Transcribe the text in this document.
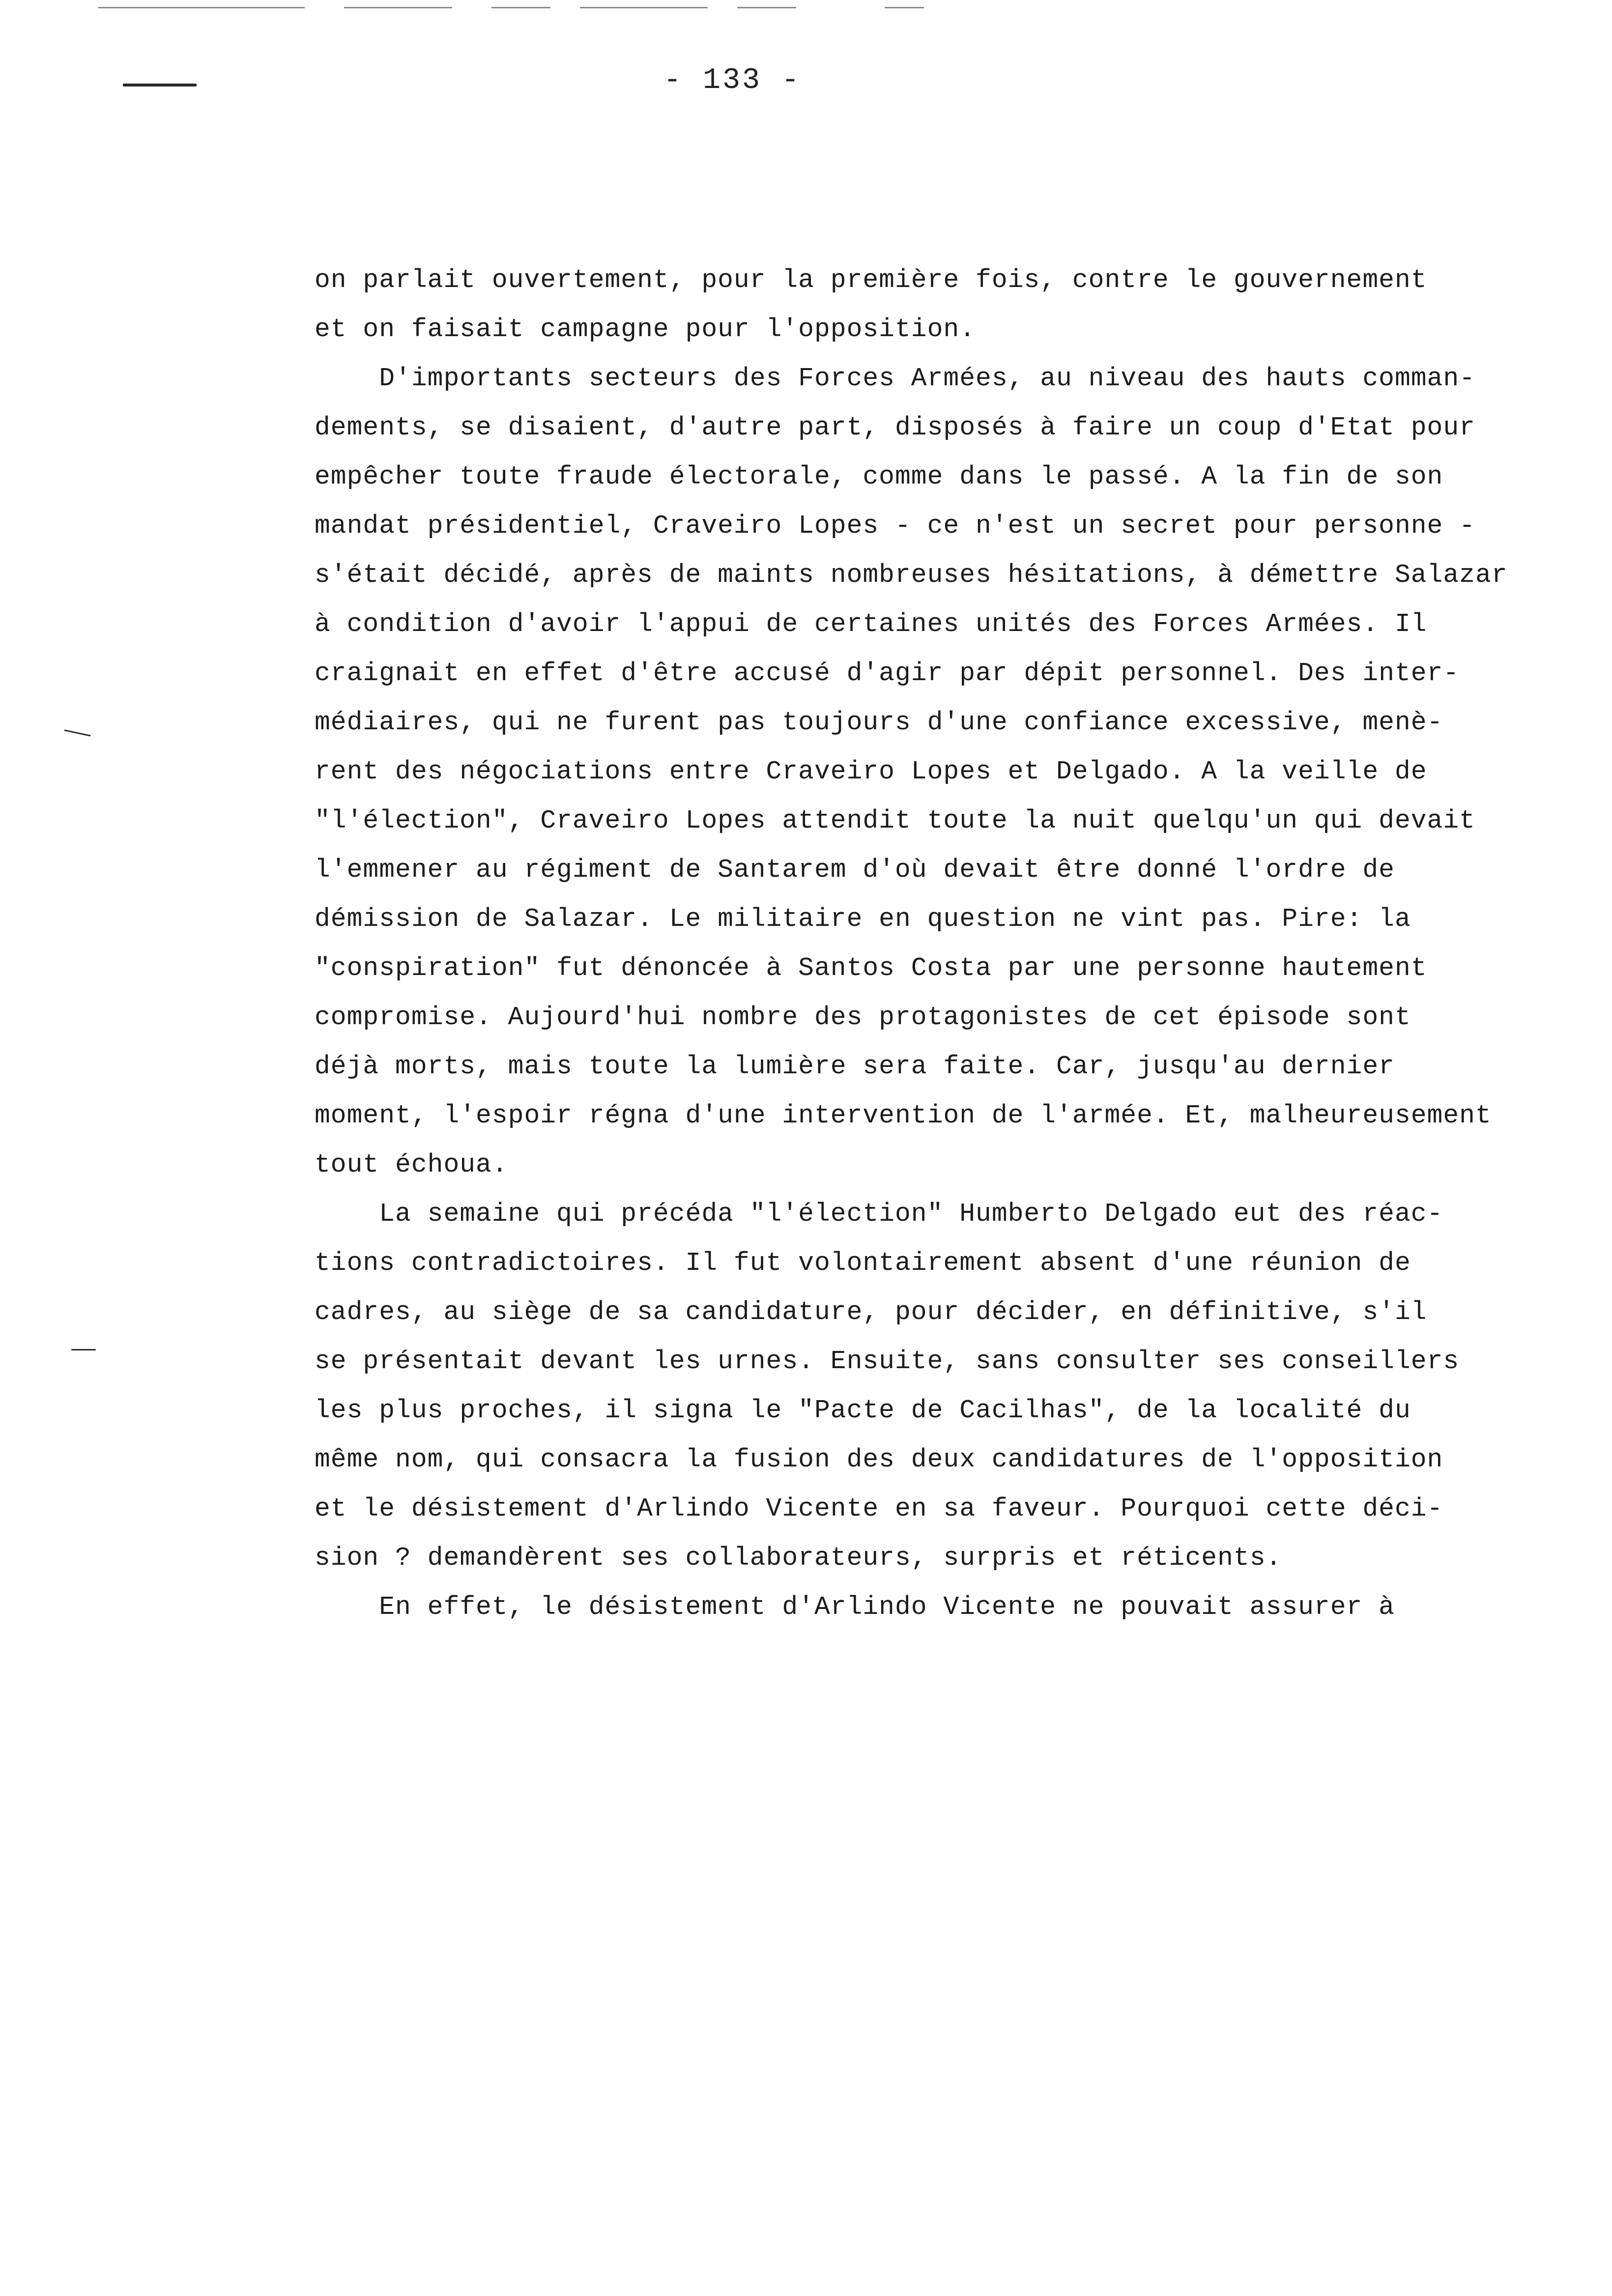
- 133 -
on parlait ouvertement, pour la première fois, contre le gouvernement
et on faisait campagne pour l'opposition.
D'importants secteurs des Forces Armées, au niveau des hauts comman-
dements, se disaient, d'autre part, disposés à faire un coup d'Etat pour
empêcher toute fraude électorale, comme dans le passé. A la fin de son
mandat présidentiel, Craveiro Lopes - ce n'est un secret pour personne -
s'était décidé, après de maints nombreuses hésitations, à démettre Salazar
à condition d'avoir l'appui de certaines unités des Forces Armées. Il
craignait en effet d'être accusé d'agir par dépit personnel. Des inter-
médiaires, qui ne furent pas toujours d'une confiance excessive, menè-
rent des négociations entre Craveiro Lopes et Delgado. A la veille de
"l'élection", Craveiro Lopes attendit toute la nuit quelqu'un qui devait
l'emmener au régiment de Santarem d'où devait être donné l'ordre de
démission de Salazar. Le militaire en question ne vint pas. Pire: la
"conspiration" fut dénoncée à Santos Costa par une personne hautement
compromise. Aujourd'hui nombre des protagonistes de cet épisode sont
déjà morts, mais toute la lumière sera faite. Car, jusqu'au dernier
moment, l'espoir régna d'une intervention de l'armée. Et, malheureusement
tout échoua.
La semaine qui précéda "l'élection" Humberto Delgado eut des réac-
tions contradictoires. Il fut volontairement absent d'une réunion de
cadres, au siège de sa candidature, pour décider, en définitive, s'il
se présentait devant les urnes. Ensuite, sans consulter ses conseillers
les plus proches, il signa le "Pacte de Cacilhas", de la localité du
même nom, qui consacra la fusion des deux candidatures de l'opposition
et le désistement d'Arlindo Vicente en sa faveur. Pourquoi cette déci-
sion ? demandèrent ses collaborateurs, surpris et réticents.
En effet, le désistement d'Arlindo Vicente ne pouvait assurer à
